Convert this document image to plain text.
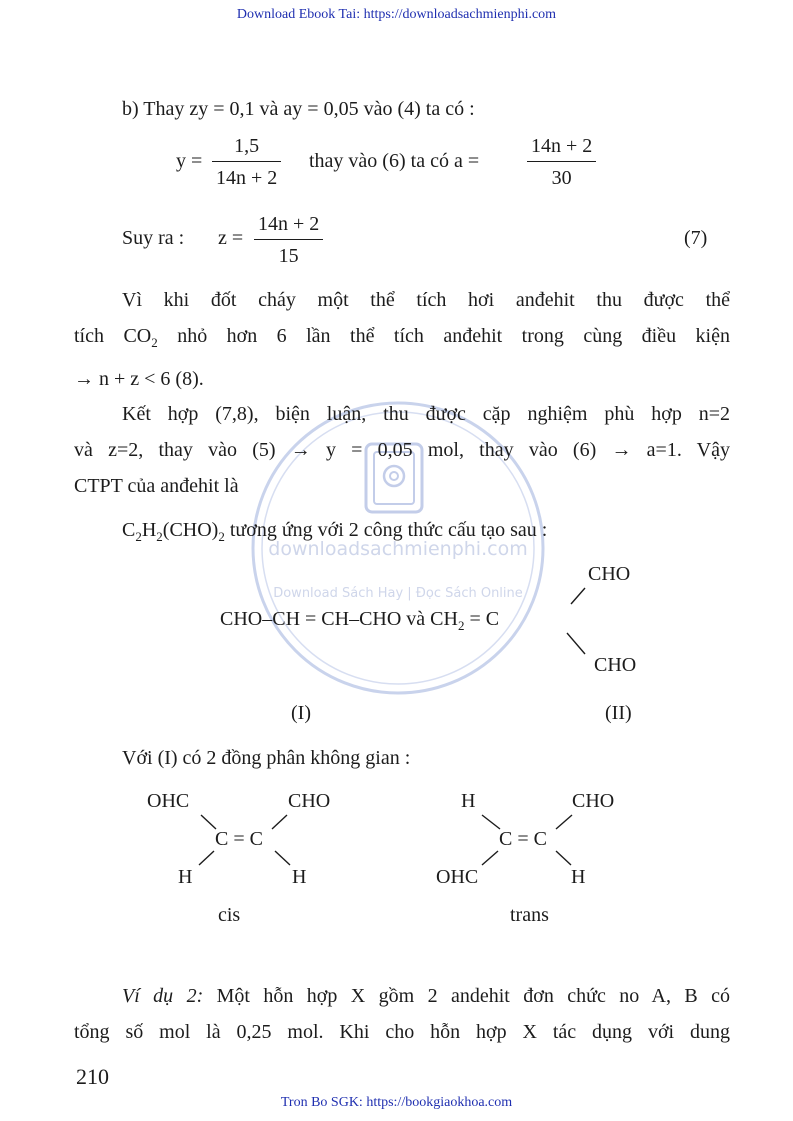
Download Ebook Tai: https://downloadsachmienphi.com
downloadsachmienphi.com
Download Sách Hay | Đọc Sách Online
b) Thay zy = 0,1 và ay = 0,05 vào (4) ta có :
y =
1,5
14n + 2
thay vào (6) ta có a =
14n + 2
30
Suy ra : z =
14n + 2
15
(7)
Vì khi đốt cháy một thể tích hơi anđehit thu được thể
tích $CO_2$ nhỏ hơn 6 lần thể tích anđehit trong cùng điều kiện
→ n + z < 6 (8).
Kết hợp (7,8), biện luận, thu được cặp nghiệm phù hợp n=2
và z=2, thay vào (5) → y = 0,05 mol, thay vào (6) → a=1. Vậy
CTPT của anđehit là
$C_2H_2(CHO)_2$ tương ứng với 2 công thức cấu tạo sau :
CHO
CHO–CH = CH–CHO và $CH_2 = C$
CHO
(I)	(II)
Với (I) có 2 đồng phân không gian :
OHC	CHO
C = C
H	H
cis
H	CHO
C = C
OHC	H
trans
Ví dụ 2: Một hỗn hợp X gồm 2 andehit đơn chức no A, B có
tổng số mol là 0,25 mol. Khi cho hỗn hợp X tác dụng với dung
210
Tron Bo SGK: https://bookgiaokhoa.com
